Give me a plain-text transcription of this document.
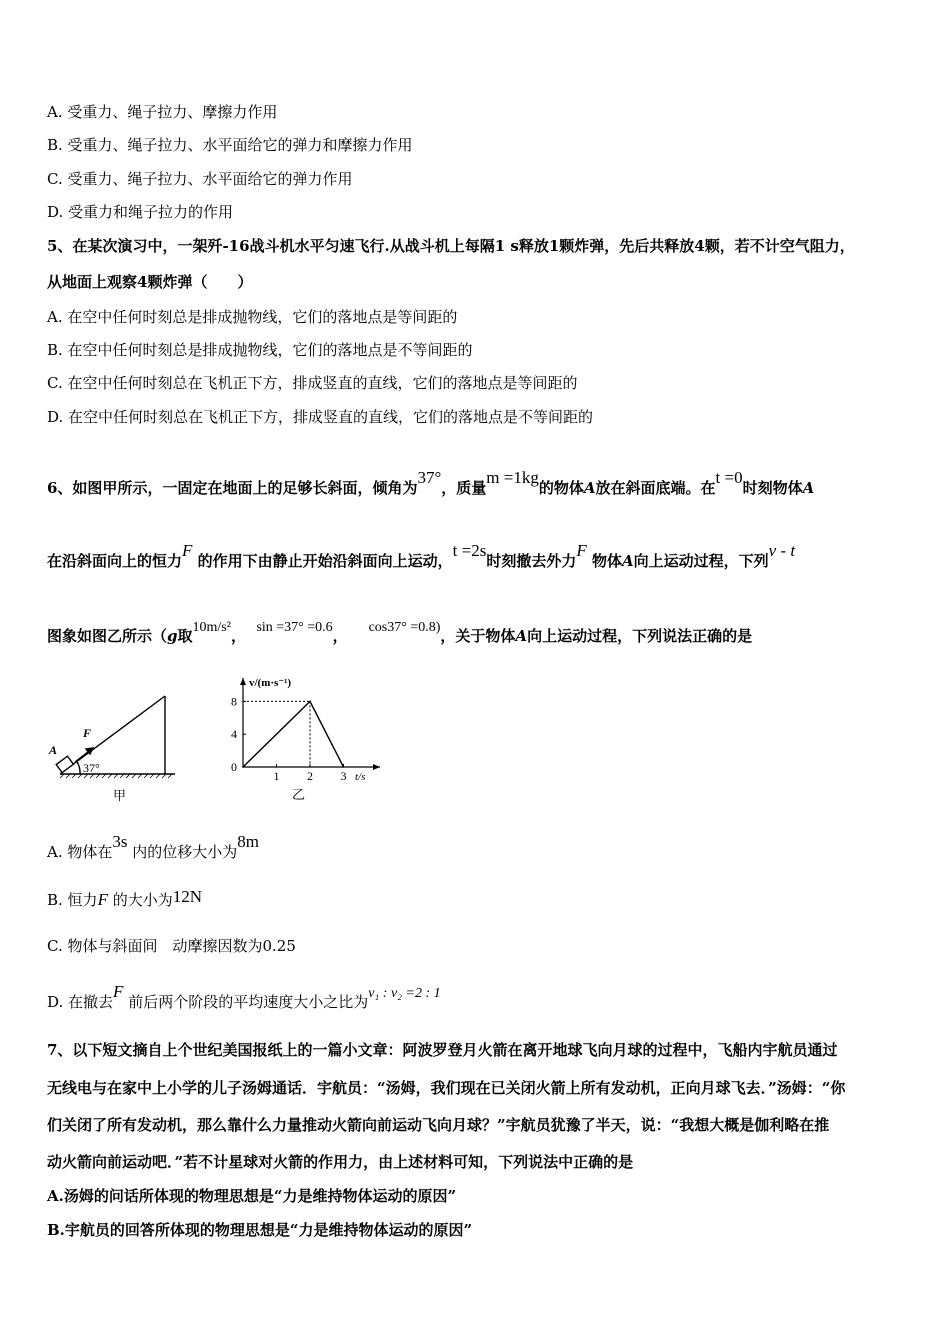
A. 受重力、绳子拉力、摩擦力作用
B. 受重力、绳子拉力、水平面给它的弹力和摩擦力作用
C. 受重力、绳子拉力、水平面给它的弹力作用
D. 受重力和绳子拉力的作用
5、在某次演习中，一架歼-16战斗机水平匀速飞行.从战斗机上每隔1 s释放1颗炸弹，先后共释放4颗，若不计空气阻力，
从地面上观察4颗炸弹（　　）
A. 在空中任何时刻总是排成抛物线，它们的落地点是等间距的
B. 在空中任何时刻总是排成抛物线，它们的落地点是不等间距的
C. 在空中任何时刻总在飞机正下方，排成竖直的直线，它们的落地点是等间距的
D. 在空中任何时刻总在飞机正下方，排成竖直的直线，它们的落地点是不等间距的
6、如图甲所示，一固定在地面上的足够长斜面，倾角为37°，质量m =1kg的物体A放在斜面底端。在t =0时刻物体A
在沿斜面向上的恒力F 的作用下由静止开始沿斜面向上运动，t =2s时刻撤去外力F 物体A向上运动过程，下列v - t
图象如图乙所示（g取10m/s²， sin =37° =0.6， cos37° =0.8)，关于物体A向上运动过程，下列说法正确的是
A
F
37°
甲
0
4
8
1 2 3
v/(m·s⁻¹)
t/s
乙
A. 物体在3s 内的位移大小为8m
B. 恒力F 的大小为12N
C. 物体与斜面间　动摩擦因数为0.25
D. 在撤去F 前后两个阶段的平均速度大小之比为v₁ : v₂ =2 : 1
7、以下短文摘自上个世纪美国报纸上的一篇小文章：阿波罗登月火箭在离开地球飞向月球的过程中，飞船内宇航员通过
无线电与在家中上小学的儿子汤姆通话．宇航员：“汤姆，我们现在已关闭火箭上所有发动机，正向月球飞去．”汤姆：“你
们关闭了所有发动机，那么靠什么力量推动火箭向前运动飞向月球？”宇航员犹豫了半天，说：“我想大概是伽利略在推
动火箭向前运动吧．”若不计星球对火箭的作用力，由上述材料可知，下列说法中正确的是
A.汤姆的问话所体现的物理思想是“力是维持物体运动的原因”
B.宇航员的回答所体现的物理思想是“力是维持物体运动的原因”
